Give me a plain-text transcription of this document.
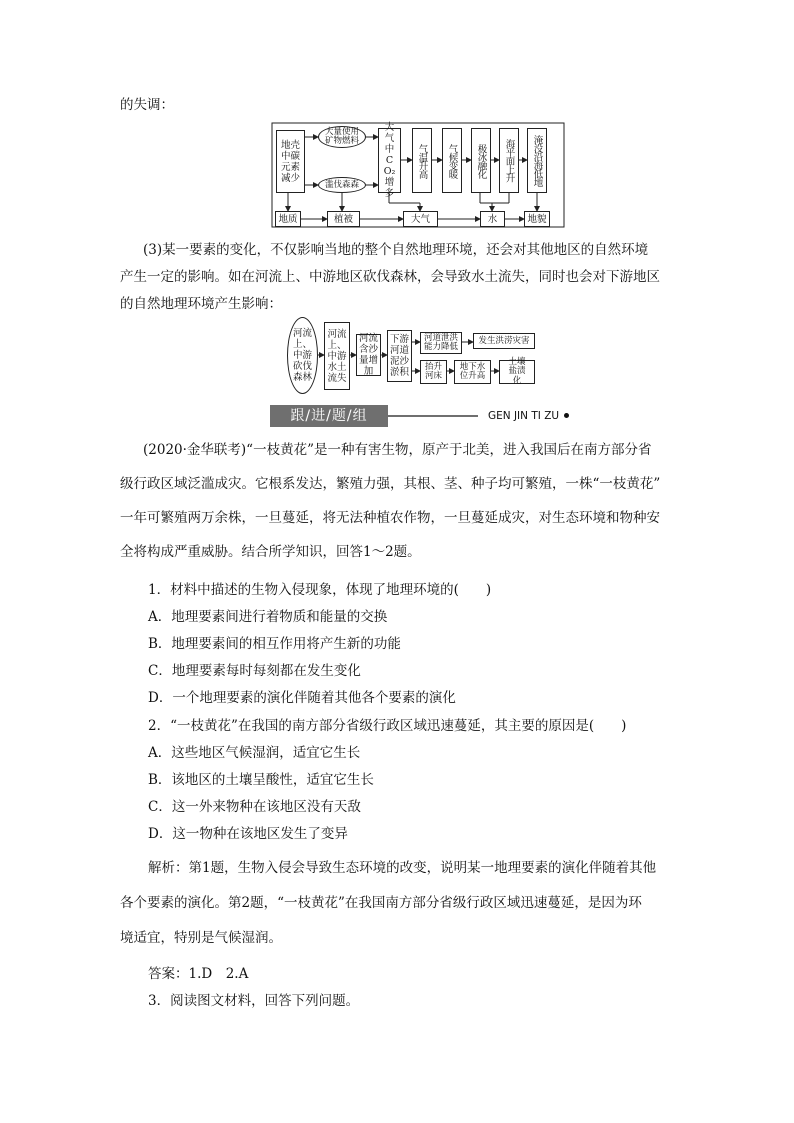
的失调：
地壳中碳元素减少
大量使用矿物燃料
滥伐森森
大气中CO₂增多
气温升高 气候变暖 极冰融化 海平面上升 淹没沿海低地
地质	植被	大气	水	地貌
(3)某一要素的变化，不仅影响当地的整个自然地理环境，还会对其他地区的自然环境
产生一定的影响。如在河流上、中游地区砍伐森林，会导致水土流失，同时也会对下游地区
的自然地理环境产生影响：
河流上、中游砍伐森林
河流上、中游水土流失
河流含沙量增加
下游河道泥沙淤积
河道泄洪能力降低
发生洪涝灾害
抬升河床
地下水位升高
土壤盐渍化
跟/进/题/组	GEN JIN TI ZU
(2020·金华联考)“一枝黄花”是一种有害生物，原产于北美，进入我国后在南方部分省
级行政区域泛滥成灾。它根系发达，繁殖力强，其根、茎、种子均可繁殖，一株“一枝黄花”
一年可繁殖两万余株，一旦蔓延，将无法种植农作物，一旦蔓延成灾，对生态环境和物种安
全将构成严重威胁。结合所学知识，回答1～2题。
1．材料中描述的生物入侵现象，体现了地理环境的(　　)
A．地理要素间进行着物质和能量的交换
B．地理要素间的相互作用将产生新的功能
C．地理要素每时每刻都在发生变化
D．一个地理要素的演化伴随着其他各个要素的演化
2．“一枝黄花”在我国的南方部分省级行政区域迅速蔓延，其主要的原因是(　　)
A．这些地区气候湿润，适宜它生长
B．该地区的土壤呈酸性，适宜它生长
C．这一外来物种在该地区没有天敌
D．这一物种在该地区发生了变异
解析：第1题，生物入侵会导致生态环境的改变，说明某一地理要素的演化伴随着其他
各个要素的演化。第2题，“一枝黄花”在我国南方部分省级行政区域迅速蔓延，是因为环
境适宜，特别是气候湿润。
答案：1.D　2.A
3．阅读图文材料，回答下列问题。
